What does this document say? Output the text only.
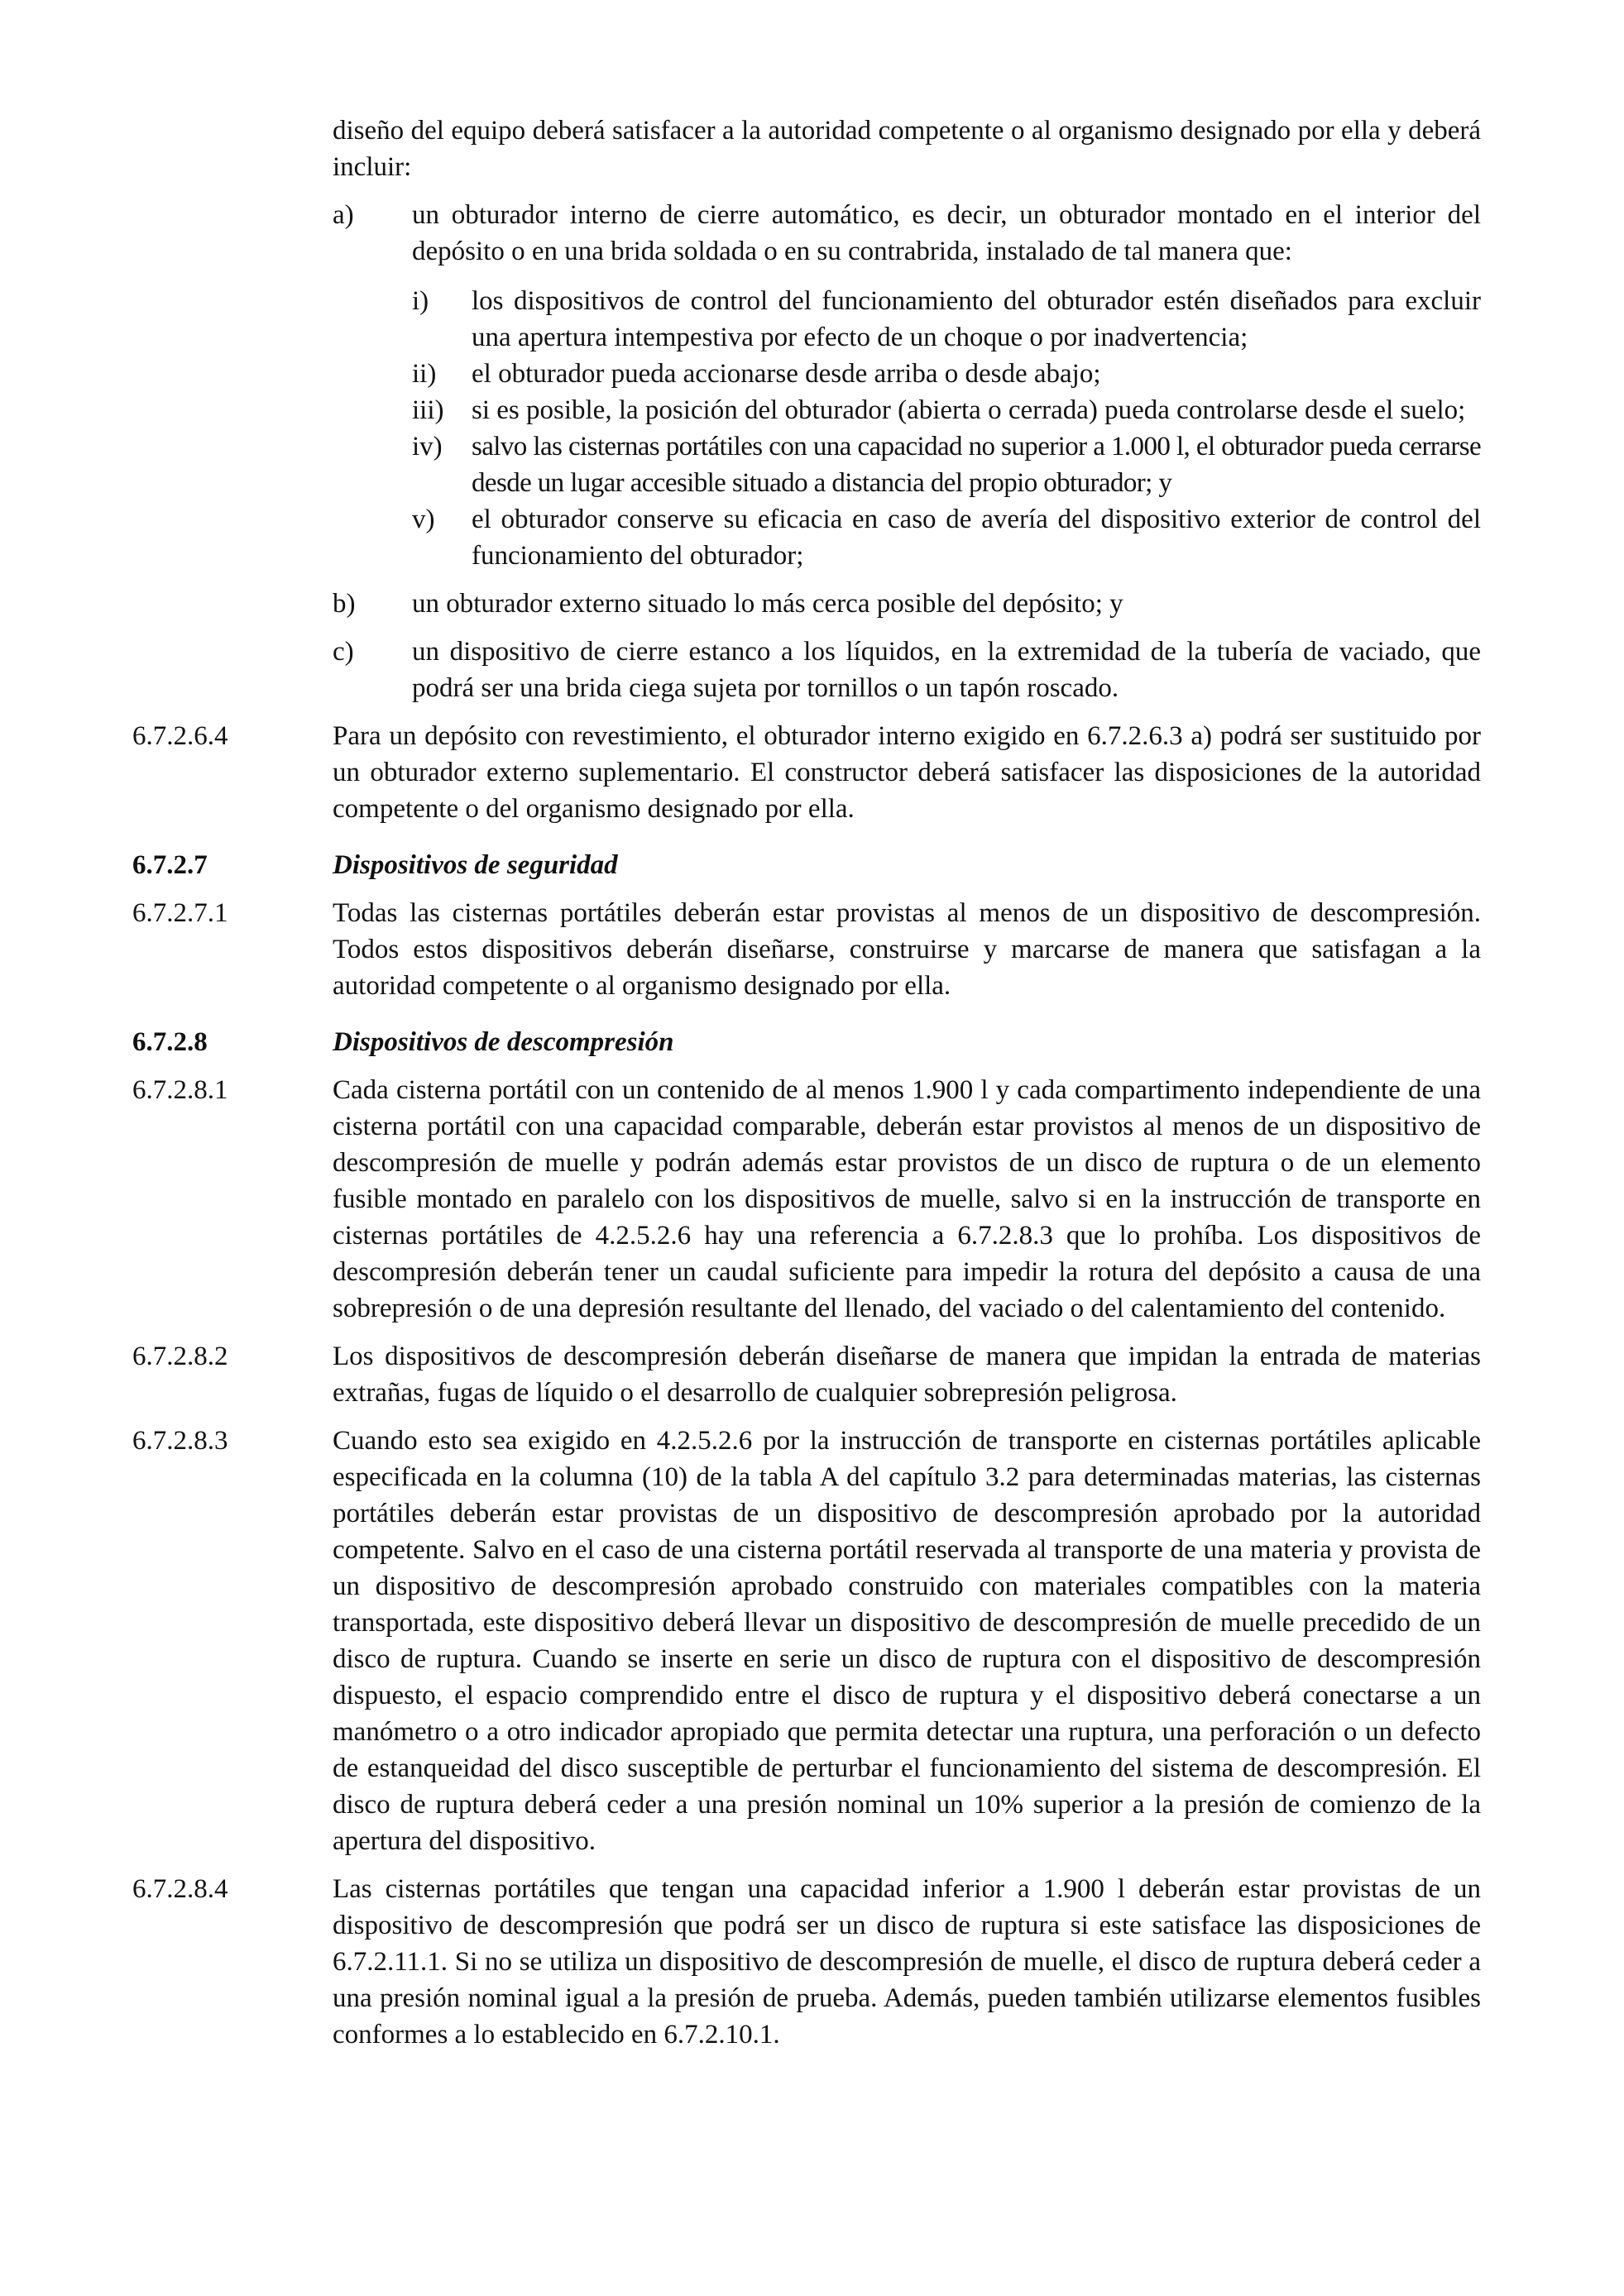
diseño del equipo deberá satisfacer a la autoridad competente o al organismo designado por ella y deberá incluir:
a)	un obturador interno de cierre automático, es decir, un obturador montado en el interior del depósito o en una brida soldada o en su contrabrida, instalado de tal manera que:
i)	los dispositivos de control del funcionamiento del obturador estén diseñados para excluir una apertura intempestiva por efecto de un choque o por inadvertencia;
ii)	el obturador pueda accionarse desde arriba o desde abajo;
iii)	si es posible, la posición del obturador (abierta o cerrada) pueda controlarse desde el suelo;
iv)	salvo las cisternas portátiles con una capacidad no superior a 1.000 l, el obturador pueda cerrarse desde un lugar accesible situado a distancia del propio obturador; y
v)	el obturador conserve su eficacia en caso de avería del dispositivo exterior de control del funcionamiento del obturador;
b)	un obturador externo situado lo más cerca posible del depósito; y
c)	un dispositivo de cierre estanco a los líquidos, en la extremidad de la tubería de vaciado, que podrá ser una brida ciega sujeta por tornillos o un tapón roscado.
6.7.2.6.4	Para un depósito con revestimiento, el obturador interno exigido en 6.7.2.6.3 a) podrá ser sustituido por un obturador externo suplementario. El constructor deberá satisfacer las disposiciones de la autoridad competente o del organismo designado por ella.
6.7.2.7	Dispositivos de seguridad
6.7.2.7.1	Todas las cisternas portátiles deberán estar provistas al menos de un dispositivo de descompresión. Todos estos dispositivos deberán diseñarse, construirse y marcarse de manera que satisfagan a la autoridad competente o al organismo designado por ella.
6.7.2.8	Dispositivos de descompresión
6.7.2.8.1	Cada cisterna portátil con un contenido de al menos 1.900 l y cada compartimento independiente de una cisterna portátil con una capacidad comparable, deberán estar provistos al menos de un dispositivo de descompresión de muelle y podrán además estar provistos de un disco de ruptura o de un elemento fusible montado en paralelo con los dispositivos de muelle, salvo si en la instrucción de transporte en cisternas portátiles de 4.2.5.2.6 hay una referencia a 6.7.2.8.3 que lo prohíba. Los dispositivos de descompresión deberán tener un caudal suficiente para impedir la rotura del depósito a causa de una sobrepresión o de una depresión resultante del llenado, del vaciado o del calentamiento del contenido.
6.7.2.8.2	Los dispositivos de descompresión deberán diseñarse de manera que impidan la entrada de materias extrañas, fugas de líquido o el desarrollo de cualquier sobrepresión peligrosa.
6.7.2.8.3	Cuando esto sea exigido en 4.2.5.2.6 por la instrucción de transporte en cisternas portátiles aplicable especificada en la columna (10) de la tabla A del capítulo 3.2 para determinadas materias, las cisternas portátiles deberán estar provistas de un dispositivo de descompresión aprobado por la autoridad competente. Salvo en el caso de una cisterna portátil reservada al transporte de una materia y provista de un dispositivo de descompresión aprobado construido con materiales compatibles con la materia transportada, este dispositivo deberá llevar un dispositivo de descompresión de muelle precedido de un disco de ruptura. Cuando se inserte en serie un disco de ruptura con el dispositivo de descompresión dispuesto, el espacio comprendido entre el disco de ruptura y el dispositivo deberá conectarse a un manómetro o a otro indicador apropiado que permita detectar una ruptura, una perforación o un defecto de estanqueidad del disco susceptible de perturbar el funcionamiento del sistema de descompresión. El disco de ruptura deberá ceder a una presión nominal un 10% superior a la presión de comienzo de la apertura del dispositivo.
6.7.2.8.4	Las cisternas portátiles que tengan una capacidad inferior a 1.900 l deberán estar provistas de un dispositivo de descompresión que podrá ser un disco de ruptura si este satisface las disposiciones de 6.7.2.11.1. Si no se utiliza un dispositivo de descompresión de muelle, el disco de ruptura deberá ceder a una presión nominal igual a la presión de prueba. Además, pueden también utilizarse elementos fusibles conformes a lo establecido en 6.7.2.10.1.
